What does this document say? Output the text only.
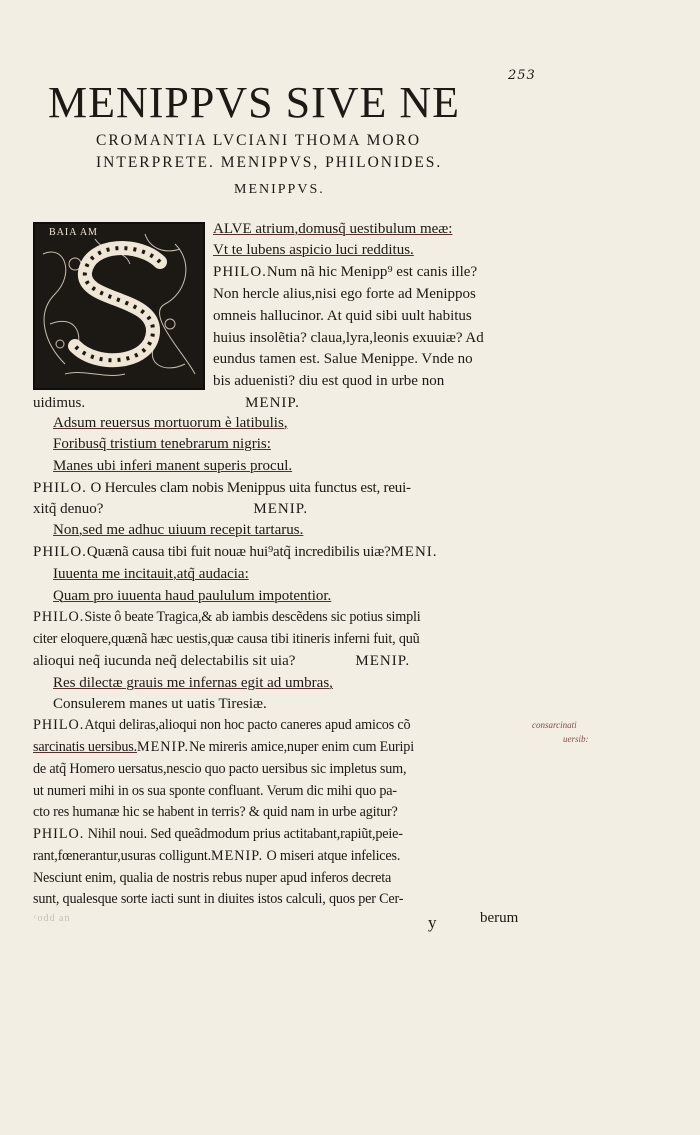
253
MENIPPVS SIVE NE
CROMANTIA LVCIANI THOMA MORO
INTERPRETE. MENIPPVS, PHILONIDES.
MENIPPVS.
BAIA AM	ALVE atrium,domusq̃ uestibulum meæ:
Vt te lubens aspicio luci redditus.
PHILO.Num nã hic Menipp⁹ est canis ille?
Non hercle alius,nisi ego forte ad Menippos
omneis hallucinor. At quid sibi uult habitus
huius insolẽtia? claua,lyra,leonis exuuiæ? Ad
eundus tamen est. Salue Menippe. Vnde no
bis aduenisti? diu est quod in urbe non
uidimus.	MENIP.
Adsum reuersus mortuorum è latibulis,
Foribusq̃ tristium tenebrarum nigris:
Manes ubi inferi manent superis procul.
PHILO. O Hercules clam nobis Menippus uita functus est, reui-
xitq̃ denuo?	MENIP.
Non,sed me adhuc uiuum recepit tartarus.
PHILO.Quænã causa tibi fuit nouæ hui⁹atq̃ incredibilis uiæ?MENI.
Iuuenta me incitauit,atq̃ audacia:
Quam pro iuuenta haud paululum impotentior.
PHILO.Siste ô beate Tragica,& ab iambis descẽdens sic potius simpli
citer eloquere,quænã hæc uestis,quæ causa tibi itineris inferni fuit, quũ
alioqui neq̃ iucunda neq̃ delectabilis sit uia?	MENIP.
Res dilectæ grauis me infernas egit ad umbras,
Consulerem manes ut uatis Tiresiæ.
PHILO.Atqui deliras,alioqui non hoc pacto caneres apud amicos cõ
sarcinatis uersibus.MENIP.Ne mireris amice,nuper enim cum Euripi
de atq̃ Homero uersatus,nescio quo pacto uersibus sic impletus sum,
ut numeri mihi in os sua sponte confluant. Verum dic mihi quo pa-
cto res humanæ hic se habent in terris? & quid nam in urbe agitur?
PHILO. Nihil noui. Sed queãdmodum prius actitabant,rapiũt,peie-
rant,fœnerantur,usuras colligunt.MENIP. O miseri atque infelices.
Nesciunt enim, qualia de nostris rebus nuper apud inferos decreta
sunt, qualesque sorte iacti sunt in diuites istos calculi, quos per Cer-
consarcinati
uersib:
ᶜodd an	y	berum
